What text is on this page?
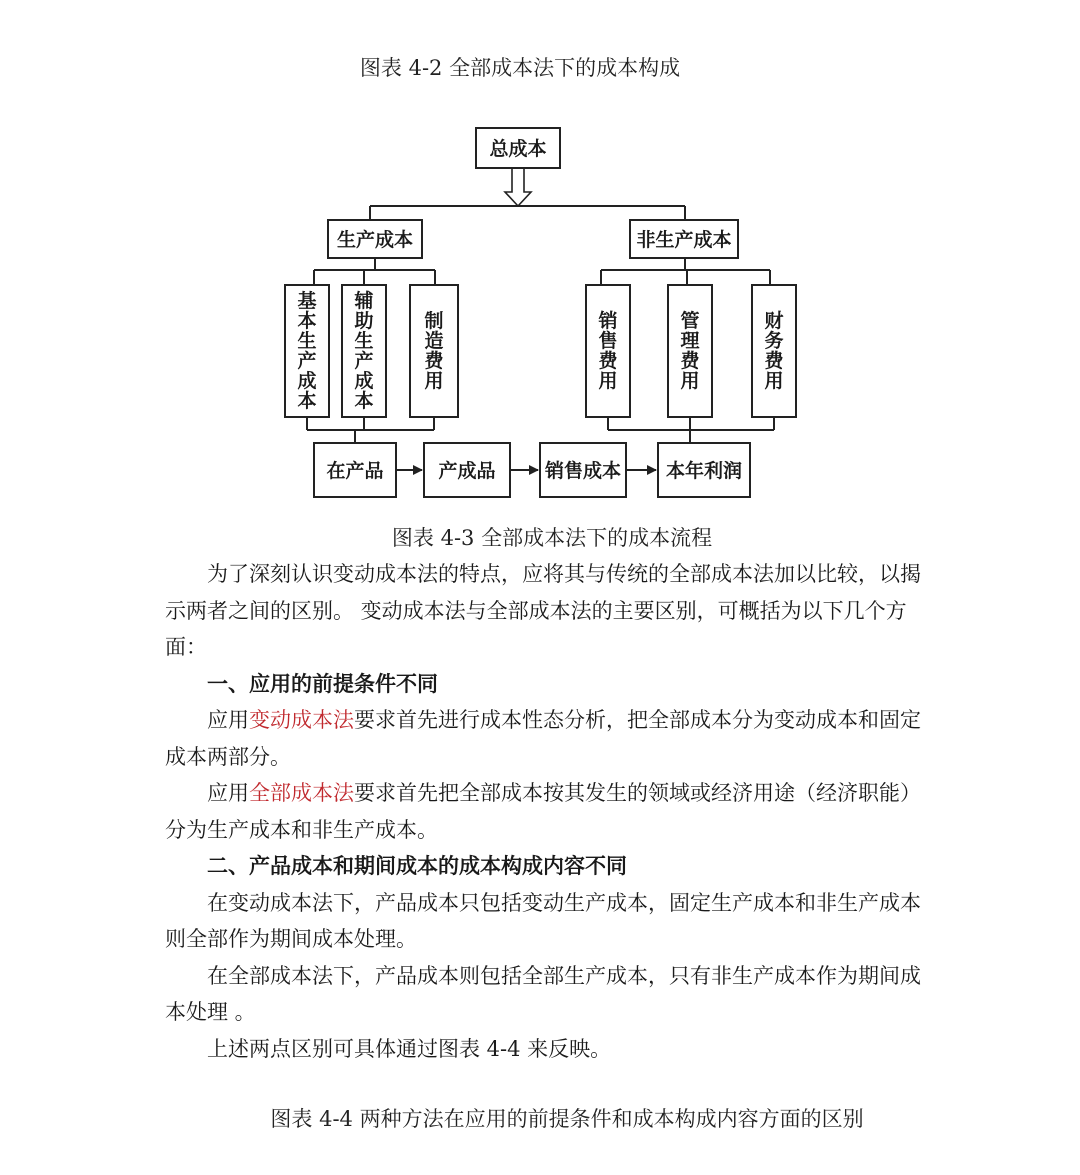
图表 4-2 全部成本法下的成本构成
总成本
生产成本	非生产成本
基本生产成本
辅助生产成本
制造费用
销售费用
管理费用
财务费用
在产品	产成品	销售成本 本年利润
图表 4-3 全部成本法下的成本流程

为了深刻认识变动成本法的特点，应将其与传统的全部成本法加以比较，以揭示两者之间的区别。 变动成本法与全部成本法的主要区别，可概括为以下几个方面：

一、应用的前提条件不同

应用变动成本法要求首先进行成本性态分析，把全部成本分为变动成本和固定成本两部分。

应用全部成本法要求首先把全部成本按其发生的领域或经济用途（经济职能）分为生产成本和非生产成本。

二、产品成本和期间成本的成本构成内容不同

在变动成本法下，产品成本只包括变动生产成本，固定生产成本和非生产成本则全部作为期间成本处理。

在全部成本法下，产品成本则包括全部生产成本，只有非生产成本作为期间成本处理 。

上述两点区别可具体通过图表 4-4 来反映。

图表 4-4 两种方法在应用的前提条件和成本构成内容方面的区别
